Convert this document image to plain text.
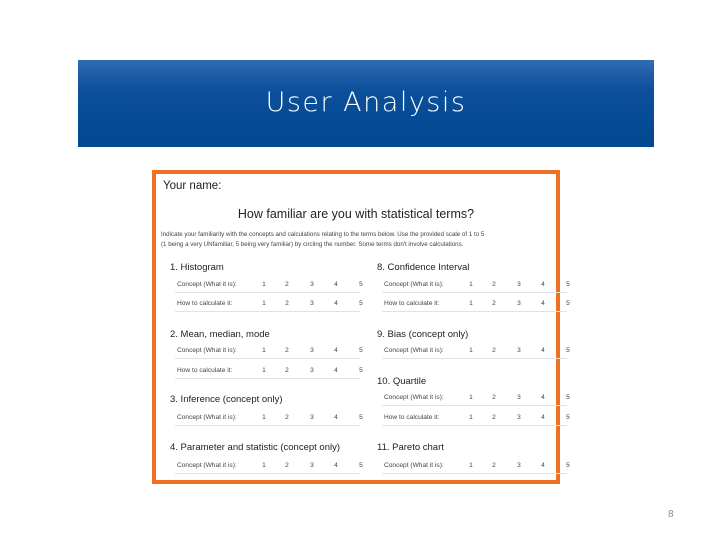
User Analysis
Your name:
How familiar are you with statistical terms?
Indicate your familiarity with the concepts and calculations relating to the terms below. Use the provided scale of 1 to 5
(1 being a very UNfamiliar, 5 being very familiar) by circling the number. Some terms don't involve calculations.
1. Histogram
Concept (What it is):	1	2	3	4	5
How to calculate it:	1	2	3	4	5
2. Mean, median, mode
Concept (What it is):	1	2	3	4	5
How to calculate it:	1	2	3	4	5
3. Inference (concept only)
Concept (What it is):	1	2	3	4	5
4. Parameter and statistic (concept only)
Concept (What it is):	1	2	3	4	5
8. Confidence Interval
Concept (What it is):	1	2	3	4	5
How to calculate it:	1	2	3	4	5
9. Bias (concept only)
Concept (What it is):	1	2	3	4	5
10. Quartile
Concept (What it is):	1	2	3	4	5
How to calculate it:	1	2	3	4	5
11. Pareto chart
Concept (What it is):	1	2	3	4	5
8
